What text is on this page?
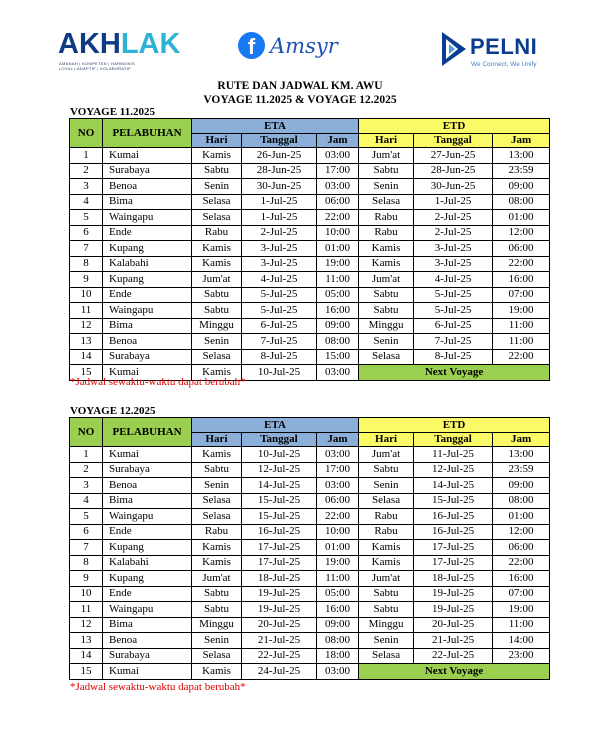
AKHLAK
AMANAH | KOMPETEN | HARMONIS
LOYAL | ADAPTIF | KOLABORATIF
f Amsyr	PELNI
We Connect, We Unify
RUTE DAN JADWAL KM. AWU
VOYAGE 11.2025 & VOYAGE 12.2025
VOYAGE 11.2025
NO	PELABUHAN	ETA			ETD		
		Hari	Tanggal	Jam	Hari	Tanggal	Jam
1	Kumai	Kamis	26-Jun-25	03:00	Jum'at	27-Jun-25	13:00
2	Surabaya	Sabtu	28-Jun-25	17:00	Sabtu	28-Jun-25	23:59
3	Benoa	Senin	30-Jun-25	03:00	Senin	30-Jun-25	09:00
4	Bima	Selasa	1-Jul-25	06:00	Selasa	1-Jul-25	08:00
5	Waingapu	Selasa	1-Jul-25	22:00	Rabu	2-Jul-25	01:00
6	Ende	Rabu	2-Jul-25	10:00	Rabu	2-Jul-25	12:00
7	Kupang	Kamis	3-Jul-25	01:00	Kamis	3-Jul-25	06:00
8	Kalabahi	Kamis	3-Jul-25	19:00	Kamis	3-Jul-25	22:00
9	Kupang	Jum'at	4-Jul-25	11:00	Jum'at	4-Jul-25	16:00
10	Ende	Sabtu	5-Jul-25	05:00	Sabtu	5-Jul-25	07:00
11	Waingapu	Sabtu	5-Jul-25	16:00	Sabtu	5-Jul-25	19:00
12	Bima	Minggu	6-Jul-25	09:00	Minggu	6-Jul-25	11:00
13	Benoa	Senin	7-Jul-25	08:00	Senin	7-Jul-25	11:00
14	Surabaya	Selasa	8-Jul-25	15:00	Selasa	8-Jul-25	22:00
15	Kumai	Kamis	10-Jul-25	03:00	Next Voyage		
*Jadwal sewaktu-waktu dapat berubah*
VOYAGE 12.2025
NO	PELABUHAN	ETA			ETD		
		Hari	Tanggal	Jam	Hari	Tanggal	Jam
1	Kumai	Kamis	10-Jul-25	03:00	Jum'at	11-Jul-25	13:00
2	Surabaya	Sabtu	12-Jul-25	17:00	Sabtu	12-Jul-25	23:59
3	Benoa	Senin	14-Jul-25	03:00	Senin	14-Jul-25	09:00
4	Bima	Selasa	15-Jul-25	06:00	Selasa	15-Jul-25	08:00
5	Waingapu	Selasa	15-Jul-25	22:00	Rabu	16-Jul-25	01:00
6	Ende	Rabu	16-Jul-25	10:00	Rabu	16-Jul-25	12:00
7	Kupang	Kamis	17-Jul-25	01:00	Kamis	17-Jul-25	06:00
8	Kalabahi	Kamis	17-Jul-25	19:00	Kamis	17-Jul-25	22:00
9	Kupang	Jum'at	18-Jul-25	11:00	Jum'at	18-Jul-25	16:00
10	Ende	Sabtu	19-Jul-25	05:00	Sabtu	19-Jul-25	07:00
11	Waingapu	Sabtu	19-Jul-25	16:00	Sabtu	19-Jul-25	19:00
12	Bima	Minggu	20-Jul-25	09:00	Minggu	20-Jul-25	11:00
13	Benoa	Senin	21-Jul-25	08:00	Senin	21-Jul-25	14:00
14	Surabaya	Selasa	22-Jul-25	18:00	Selasa	22-Jul-25	23:00
15	Kumai	Kamis	24-Jul-25	03:00	Next Voyage		
*Jadwal sewaktu-waktu dapat berubah*
